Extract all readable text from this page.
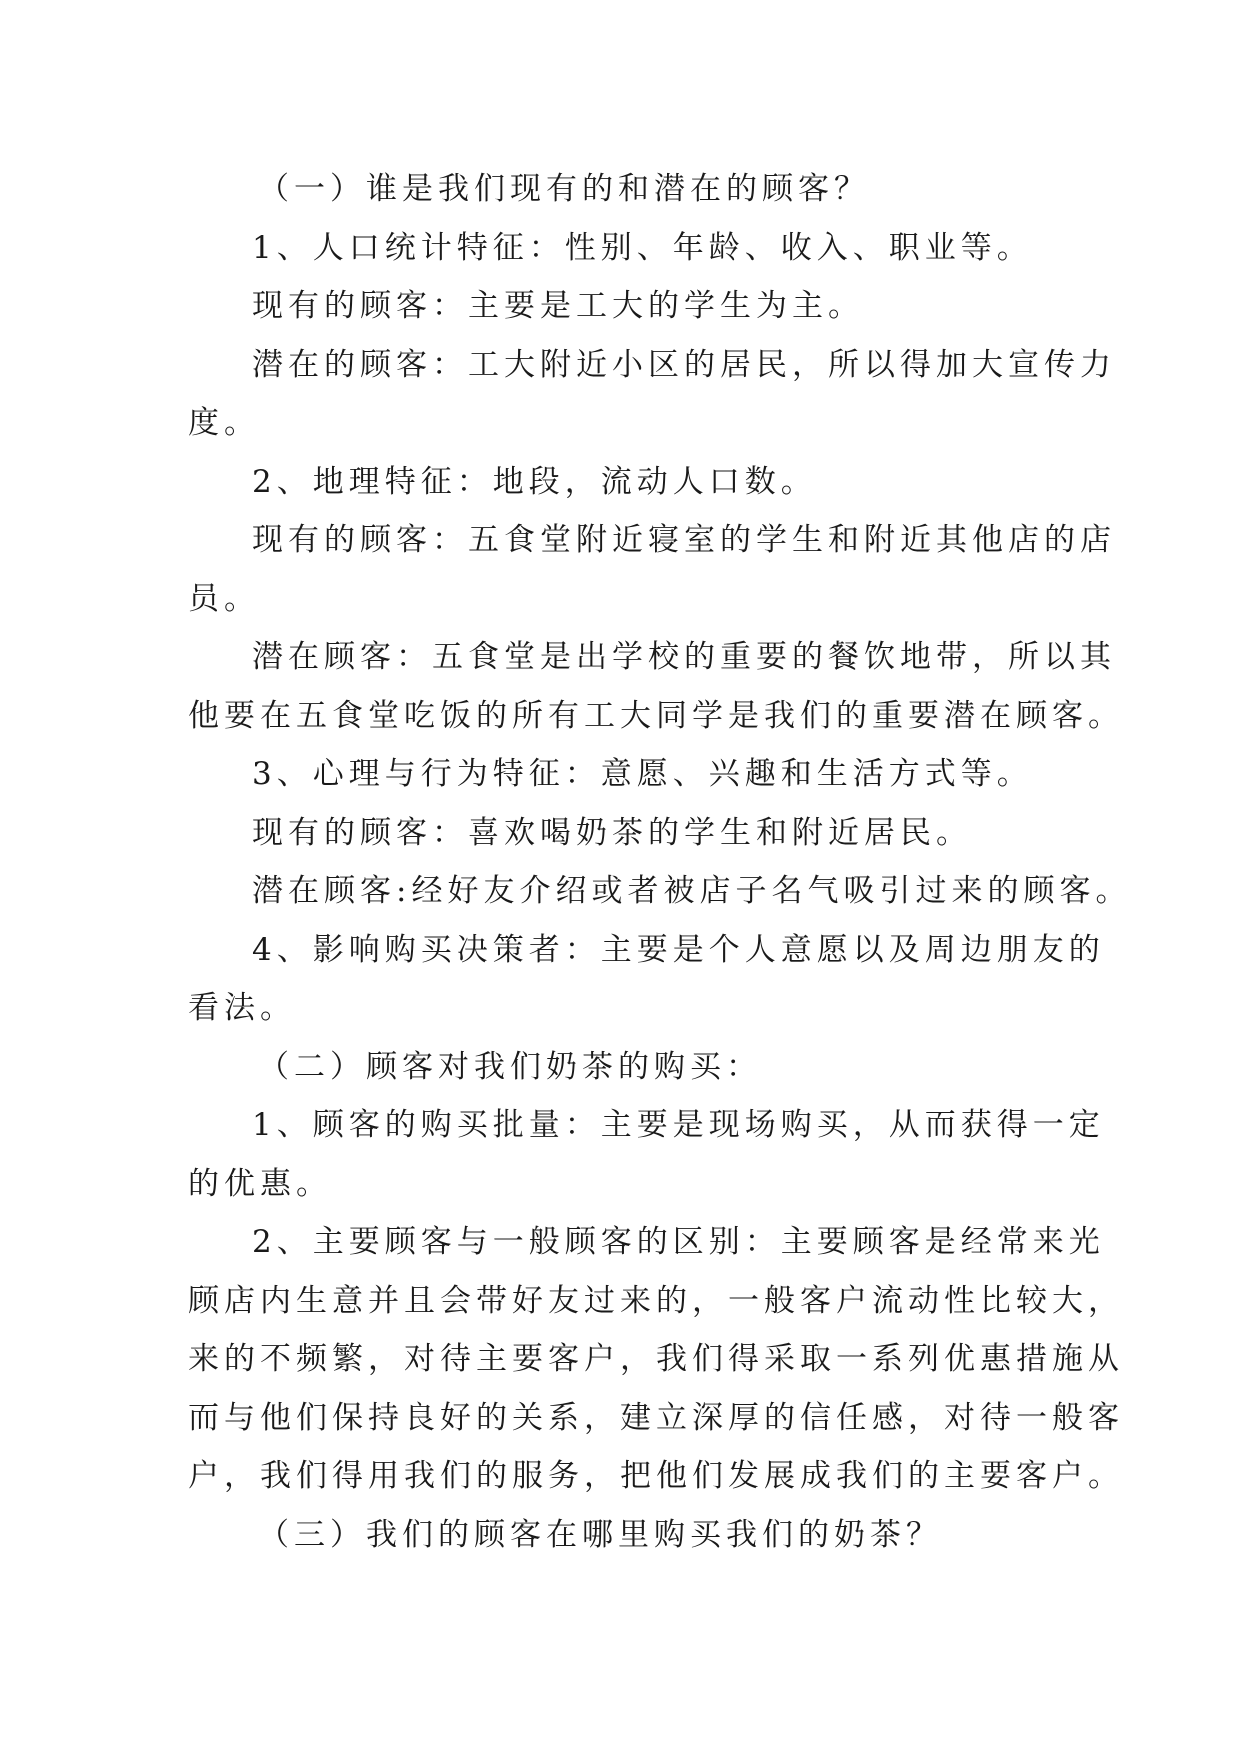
（一）谁是我们现有的和潜在的顾客？
1、人口统计特征：性别、年龄、收入、职业等。
现有的顾客：主要是工大的学生为主。
潜在的顾客：工大附近小区的居民，所以得加大宣传力
度。
2、地理特征：地段，流动人口数。
现有的顾客：五食堂附近寝室的学生和附近其他店的店
员。
潜在顾客：五食堂是出学校的重要的餐饮地带，所以其
他要在五食堂吃饭的所有工大同学是我们的重要潜在顾客。
3、心理与行为特征：意愿、兴趣和生活方式等。
现有的顾客：喜欢喝奶茶的学生和附近居民。
潜在顾客:经好友介绍或者被店子名气吸引过来的顾客。
4、影响购买决策者：主要是个人意愿以及周边朋友的
看法。
（二）顾客对我们奶茶的购买：
1、顾客的购买批量：主要是现场购买，从而获得一定
的优惠。
2、主要顾客与一般顾客的区别：主要顾客是经常来光
顾店内生意并且会带好友过来的，一般客户流动性比较大，
来的不频繁，对待主要客户，我们得采取一系列优惠措施从
而与他们保持良好的关系，建立深厚的信任感，对待一般客
户，我们得用我们的服务，把他们发展成我们的主要客户。
（三）我们的顾客在哪里购买我们的奶茶？
